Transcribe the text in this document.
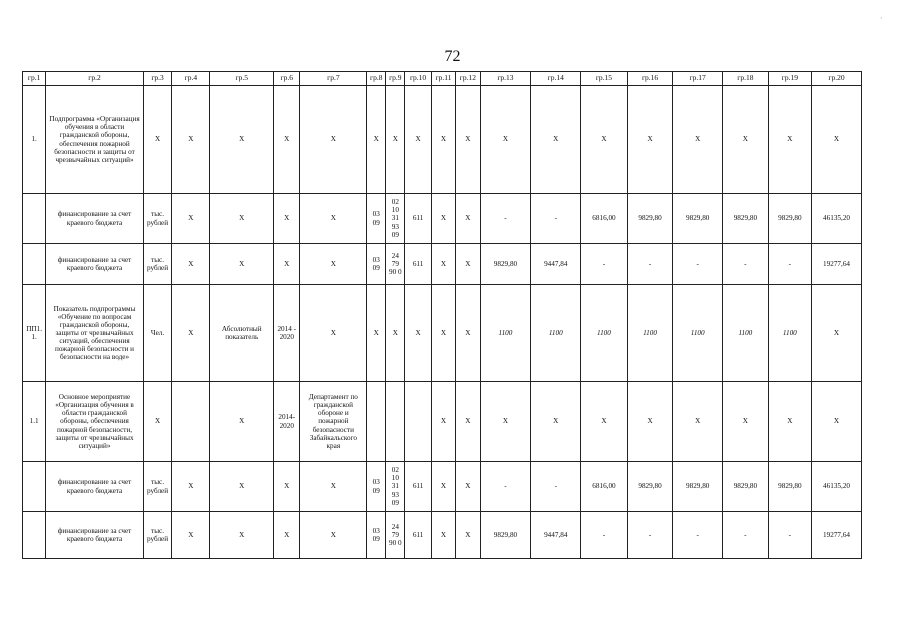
·
72
гр.1	гр.2	гр.3	гр.4	гр.5	гр.6	гр.7	гр.8	гр.9	гр.10	гр.11	гр.12	гр.13	гр.14	гр.15	гр.16	гр.17	гр.18	гр.19	гр.20
1.	Подпрограмма «Организация обучения в области гражданской обороны, обеспечения пожарной безопасности и защиты от чрезвычайных ситуаций»	X	X	X	X	X	X	X	X	X	X	X	X	X	X	X	X	X	X
	финансирование за счет краевого бюджета	тыс. рублей	X	X	X	X	03 09	02 10 31 93 09	611	X	X	-	-	6816,00	9829,80	9829,80	9829,80	9829,80	46135,20
	финансирование за счет краевого бюджета	тыс. рублей	X	X	X	X	03 09	24 79 90 0	611	X	X	9829,80	9447,84	-	-	-	-	-	19277,64
ПП1. 1.	Показатель подпрограммы «Обучение по вопросам гражданской обороны, защиты от чрезвычайных ситуаций, обеспечения пожарной безопасности и безопасности на воде»	Чел.	X	Абсолютный показатель	2014 - 2020	X	X	X	X	X	X	1100	1100	1100	1100	1100	1100	1100	X
1.1	Основное мероприятие «Организация обучения в области гражданской обороны, обеспечения пожарной безопасности, защиты от чрезвычайных ситуаций»	X		X	2014-2020	Департамент по гражданской обороне и пожарной безопасности Забайкальского края				X	X	X	X	X	X	X	X	X	X
	финансирование за счет краевого бюджета	тыс. рублей	X	X	X	X	03 09	02 10 31 93 09	611	X	X	-	-	6816,00	9829,80	9829,80	9829,80	9829,80	46135,20
	финансирование за счет краевого бюджета	тыс. рублей	X	X	X	X	03 09	24 79 90 0	611	X	X	9829,80	9447,84	-	-	-	-	-	19277,64
